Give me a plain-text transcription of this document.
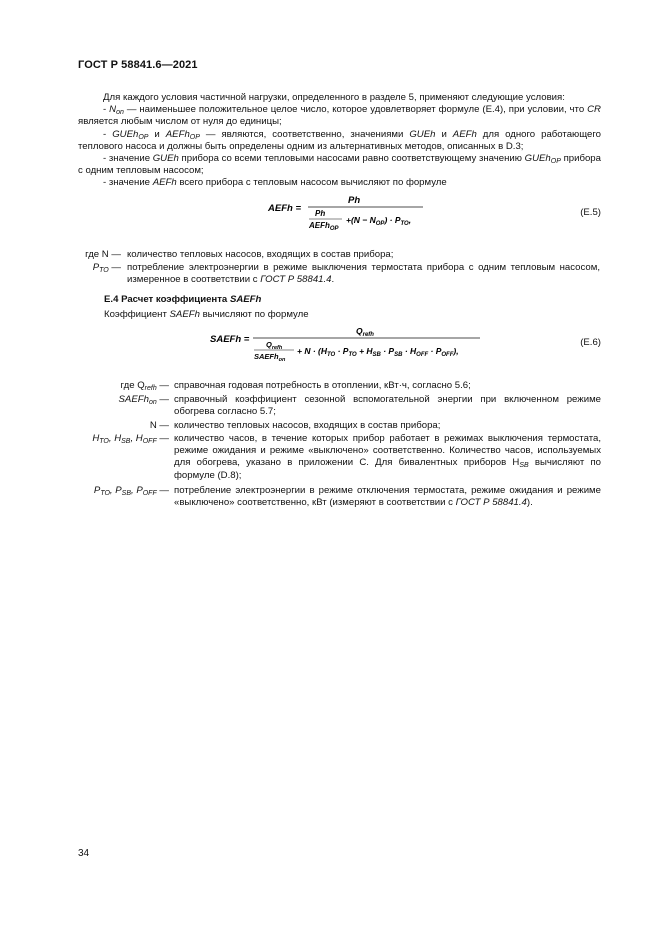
ГОСТ Р 58841.6—2021

Для каждого условия частичной нагрузки, определенного в разделе 5, применяют следующие условия:

- $N_{on}$ — наименьшее положительное целое число, которое удовлетворяет формуле (Е.4), при условии, что CR является любым числом от нуля до единицы;

- GUEh$_{OP}$ и AEFh$_{OP}$ — являются, соответственно, значениями GUEh и AEFh для одного работающего теплового насоса и должны быть определены одним из альтернативных методов, описанных в D.3;

- значение GUEh прибора со всеми тепловыми насосами равно соответствующему значению GUEh$_{OP}$ прибора с одним тепловым насосом;

- значение AEFh всего прибора с тепловым насосом вычисляют по формуле

AEFh =
Ph
Ph
AEFh$_{OP}$
$+(N - N_{OP}) \cdot P_{TO}$,
(Е.5)
где N — количество тепловых насосов, входящих в состав прибора;
$P_{TO}$ — потребление электроэнергии в режиме выключения термостата прибора с одним тепловым насосом, измеренное в соответствии с ГОСТ Р 58841.4.
Е.4 Расчет коэффициента SAEFh
Коэффициент SAEFh вычисляют по формуле
SAEFh =
$Q_{refh}$
$Q_{refh}$
SAEFh$_{on}$
+ $N \cdot (H_{TO} \cdot P_{TO} + H_{SB} \cdot P_{SB} \cdot H_{OFF} \cdot P_{OFF})$,
(Е.6)
где $Q_{refh}$ — справочная годовая потребность в отоплении, кВт·ч, согласно 5.6;
SAEFh$_{on}$ — справочный коэффициент сезонной вспомогательной энергии при включенном режиме обогрева согласно 5.7;
N — количество тепловых насосов, входящих в состав прибора;
$H_{TO}$, $H_{SB}$, $H_{OFF}$ — количество часов, в течение которых прибор работает в режимах выключения термостата, режиме ожидания и режиме «выключено» соответственно. Количество часов, используемых для обогрева, указано в приложении С. Для бивалентных приборов $H_{SB}$ вычисляют по формуле (D.8);
$P_{TO}$, $P_{SB}$, $P_{OFF}$ — потребление электроэнергии в режиме отключения термостата, режиме ожидания и режиме «выключено» соответственно, кВт (измеряют в соответствии с ГОСТ Р 58841.4).
34
